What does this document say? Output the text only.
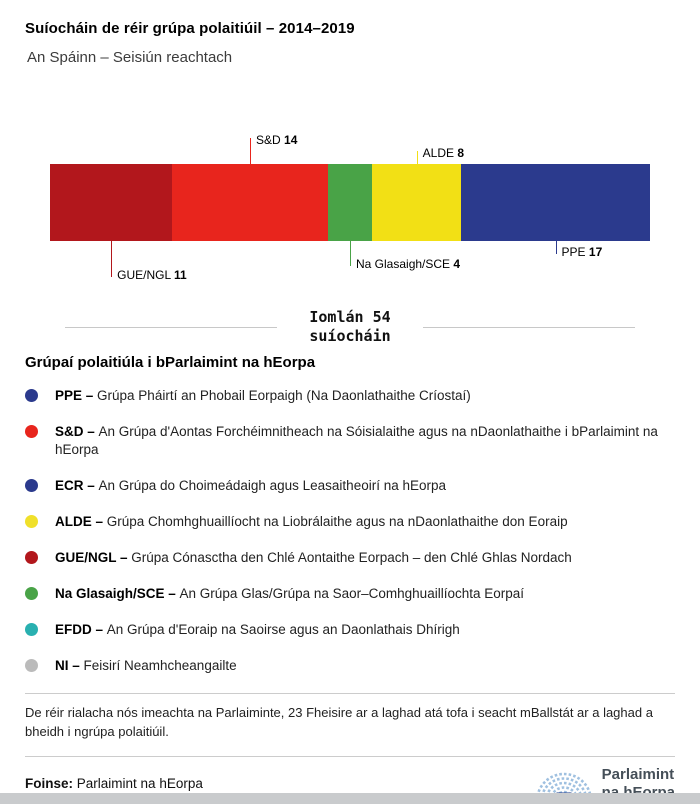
Suíocháin de réir grúpa polaitiúil – 2014–2019
An Spáinn – Seisiún reachtach
GUE/NGL 11
S&D 14
Na Glasaigh/SCE 4
ALDE 8
PPE 17
Iomlán 54
suíocháin
Grúpaí polaitiúla i bParlaimint na hEorpa
PPE – Grúpa Pháirtí an Phobail Eorpaigh (Na Daonlathaithe Críostaí)
S&D – An Grúpa d'Aontas Forchéimnitheach na Sóisialaithe agus na nDaonlathaithe i bParlaimint na hEorpa
ECR – An Grúpa do Choimeádaigh agus Leasaitheoirí na hEorpa
ALDE – Grúpa Chomhghuaillíocht na Liobrálaithe agus na nDaonlathaithe don Eoraip
GUE/NGL – Grúpa Cónasctha den Chlé Aontaithe Eorpach – den Chlé Ghlas Nordach
Na Glasaigh/SCE – An Grúpa Glas/Grúpa na Saor–Comhghuaillíochta Eorpaí
EFDD – An Grúpa d'Eoraip na Saoirse agus an Daonlathais Dhírigh
NI – Feisirí Neamhcheangailte
De réir rialacha nós imeachta na Parlaiminte, 23 Fheisire ar a laghad atá tofa i seacht mBallstát ar a laghad a bheidh i ngrúpa polaitiúil.
Foinse: Parlaimint na hEorpa
Parlaimint
